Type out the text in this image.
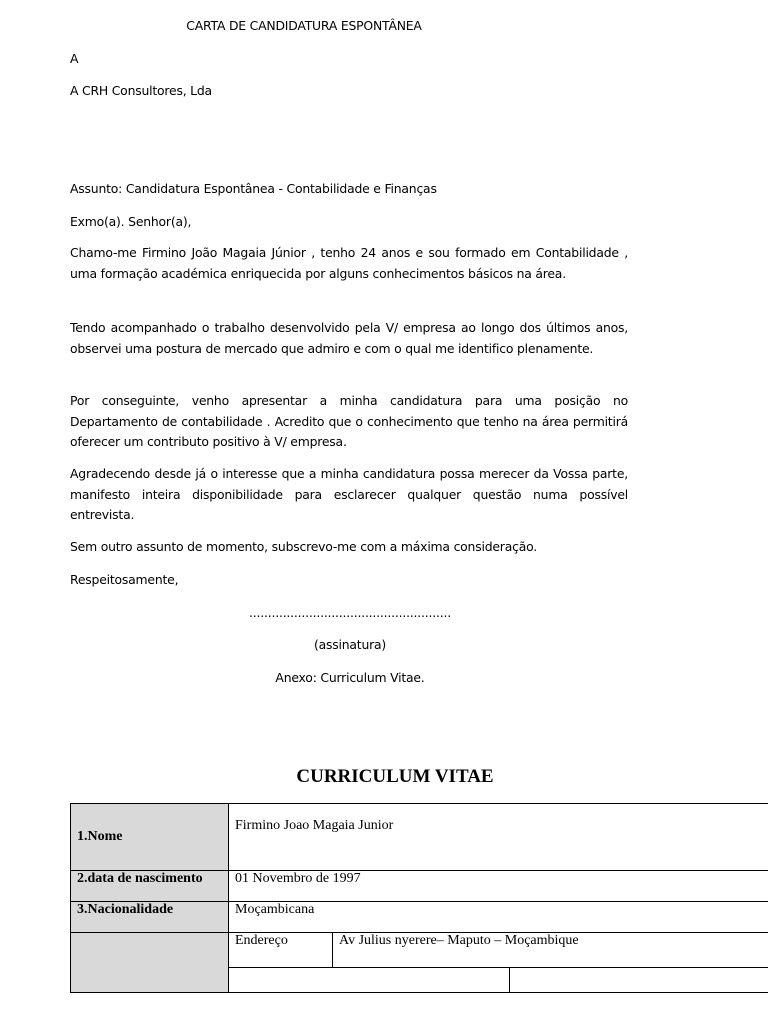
CARTA DE CANDIDATURA ESPONTÂNEA
A
A CRH Consultores, Lda
Assunto: Candidatura Espontânea - Contabilidade e Finanças
Exmo(a). Senhor(a),
Chamo-me Firmino João Magaia Júnior , tenho 24 anos e sou formado em Contabilidade , uma formação académica enriquecida por alguns conhecimentos básicos na área.
Tendo acompanhado o trabalho desenvolvido pela V/ empresa ao longo dos últimos anos, observei uma postura de mercado que admiro e com o qual me identifico plenamente.
Por conseguinte, venho apresentar a minha candidatura para uma posição no Departamento de contabilidade . Acredito que o conhecimento que tenho na área permitirá oferecer um contributo positivo à V/ empresa.
Agradecendo desde já o interesse que a minha candidatura possa merecer da Vossa parte, manifesto inteira disponibilidade para esclarecer qualquer questão numa possível entrevista.
Sem outro assunto de momento, subscrevo-me com a máxima consideração.
Respeitosamente,
......................................................
(assinatura)
Anexo: Curriculum Vitae.
CURRICULUM VITAE
1.Nome	Firmino Joao Magaia Junior		
2.data de nascimento	01 Novembro de 1997		
3.Nacionalidade	Moçambicana		
	Endereço	Av Julius nyerere– Maputo – Moçambique	
